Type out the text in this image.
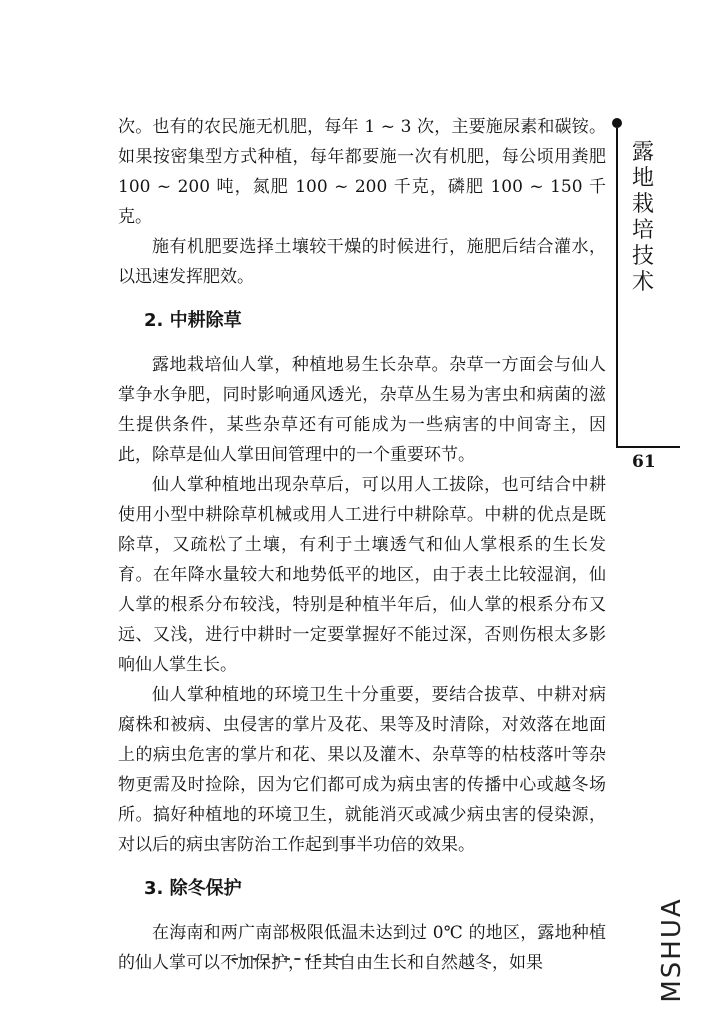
次。也有的农民施无机肥，每年 1 ~ 3 次，主要施尿素和碳铵。如果按密集型方式种植，每年都要施一次有机肥，每公顷用粪肥 100 ~ 200 吨，氮肥 100 ~ 200 千克，磷肥 100 ~ 150 千克。

施有机肥要选择土壤较干燥的时候进行，施肥后结合灌水，以迅速发挥肥效。

2. 中耕除草

露地栽培仙人掌，种植地易生长杂草。杂草一方面会与仙人掌争水争肥，同时影响通风透光，杂草丛生易为害虫和病菌的滋生提供条件，某些杂草还有可能成为一些病害的中间寄主，因此，除草是仙人掌田间管理中的一个重要环节。

仙人掌种植地出现杂草后，可以用人工拔除，也可结合中耕使用小型中耕除草机械或用人工进行中耕除草。中耕的优点是既除草，又疏松了土壤，有利于土壤透气和仙人掌根系的生长发育。在年降水量较大和地势低平的地区，由于表土比较湿润，仙人掌的根系分布较浅，特别是种植半年后，仙人掌的根系分布又远、又浅，进行中耕时一定要掌握好不能过深，否则伤根太多影响仙人掌生长。

仙人掌种植地的环境卫生十分重要，要结合拔草、中耕对病腐株和被病、虫侵害的掌片及花、果等及时清除，对效落在地面上的病虫危害的掌片和花、果以及灌木、杂草等的枯枝落叶等杂物更需及时捡除，因为它们都可成为病虫害的传播中心或越冬场所。搞好种植地的环境卫生，就能消灭或减少病虫害的侵染源，对以后的病虫害防治工作起到事半功倍的效果。

3. 除冬保护

在海南和两广南部极限低温未达到过 0℃ 的地区，露地种植的仙人掌可以不加保护，任其自由生长和自然越冬，如果

露地栽培技术
61
MSHUA
